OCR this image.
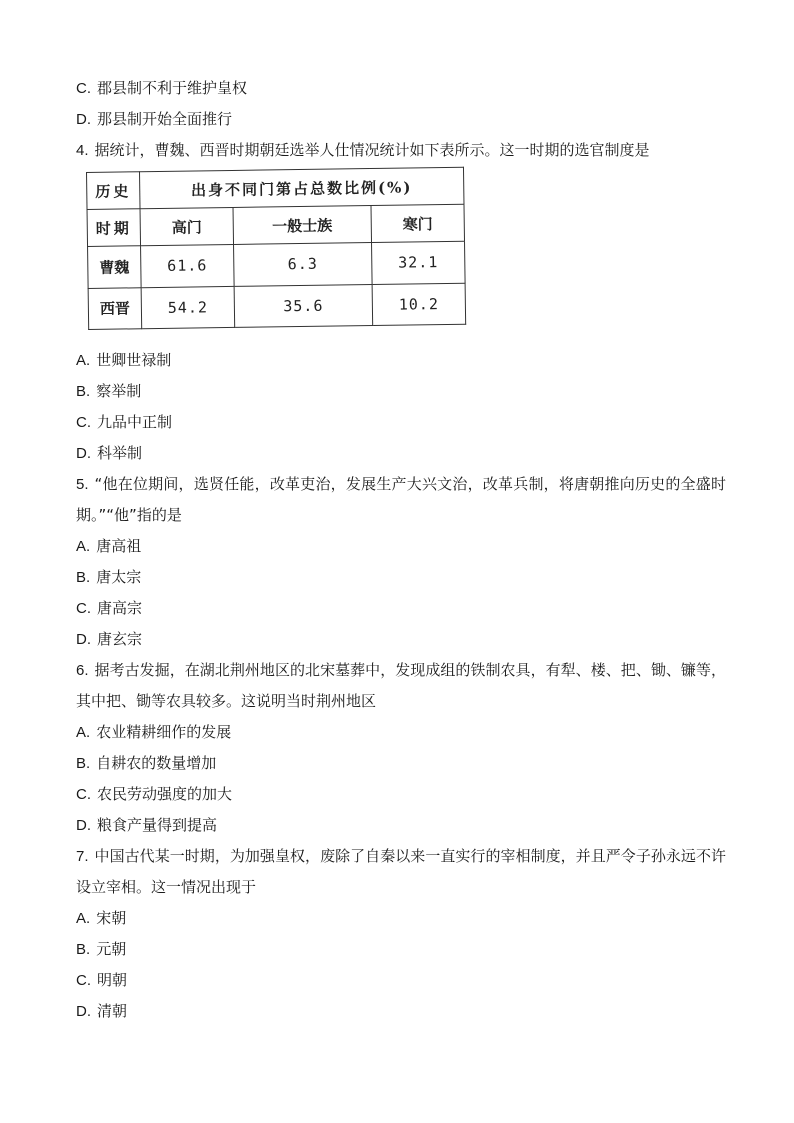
C. 郡县制不利于维护皇权
D. 那县制开始全面推行
4. 据统计，曹魏、西晋时期朝廷选举人仕情况统计如下表所示。这一时期的选官制度是
历史	出身不同门第占总数比例(%)		
时期	高门	一般士族	寒门
曹魏	61.6	6.3	32.1
西晋	54.2	35.6	10.2
A. 世卿世禄制
B. 察举制
C. 九品中正制
D. 科举制
5. “他在位期间，选贤任能，改革吏治，发展生产大兴文治，改革兵制，将唐朝推向历史的全盛时期。”“他”指的是
A. 唐高祖
B. 唐太宗
C. 唐高宗
D. 唐玄宗
6. 据考古发掘，在湖北荆州地区的北宋墓葬中，发现成组的铁制农具，有犁、楼、把、锄、镰等，其中把、锄等农具较多。这说明当时荆州地区
A. 农业精耕细作的发展
B. 自耕农的数量增加
C. 农民劳动强度的加大
D. 粮食产量得到提高
7. 中国古代某一时期，为加强皇权，废除了自秦以来一直实行的宰相制度，并且严令子孙永远不许设立宰相。这一情况出现于
A. 宋朝
B. 元朝
C. 明朝
D. 清朝
